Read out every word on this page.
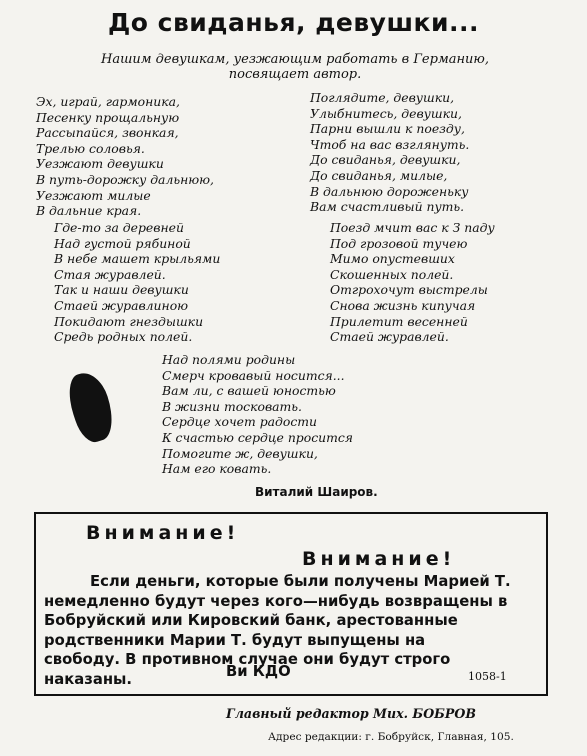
До свиданья, девушки...
Нашим девушкам, уезжающим работать в Германию,
посвящает автор.
Эх, играй, гармоника,
Песенку прощальную
Рассыпайся, звонкая,
Трелью соловья.
Уезжают девушки
В путь-дорожку дальнюю,
Уезжают милые
В дальние края.
Поглядите, девушки,
Улыбнитесь, девушки,
Парни вышли к поезду,
Чтоб на вас взглянуть.
До свиданья, девушки,
До свиданья, милые,
В дальнюю дороженьку
Вам счастливый путь.
Где-то за деревней
Над густой рябиной
В небе машет крыльями
Стая журавлей.
Так и наши девушки
Стаей журавлиною
Покидают гнездышки
Средь родных полей.
Поезд мчит вас к З паду
Под грозовой тучею
Мимо опустевших
Скошенных полей.
Отгрохочут выстрелы
Снова жизнь кипучая
Прилетит весенней
Стаей журавлей.
Над полями родины
Смерч кровавый носится...
Вам ли, с вашей юностью
В жизни тосковать.
Сердце хочет радости
К счастью сердце просится
Помогите ж, девушки,
Нам его ковать.
Виталий Шаиров.
Внимание!
Внимание!
Если деньги, которые были получены Марией Т.
немедленно будут через кого—нибудь возвращены в
Бобруйский или Кировский банк, арестованные
родственники Марии Т. будут выпущены на
свободу. В противном случае они будут строго
наказаны.	Ви КДО	1058-1
Главный редактор Мих. БОБРОВ
Адрес редакции: г. Бобруйск, Главная, 105.
